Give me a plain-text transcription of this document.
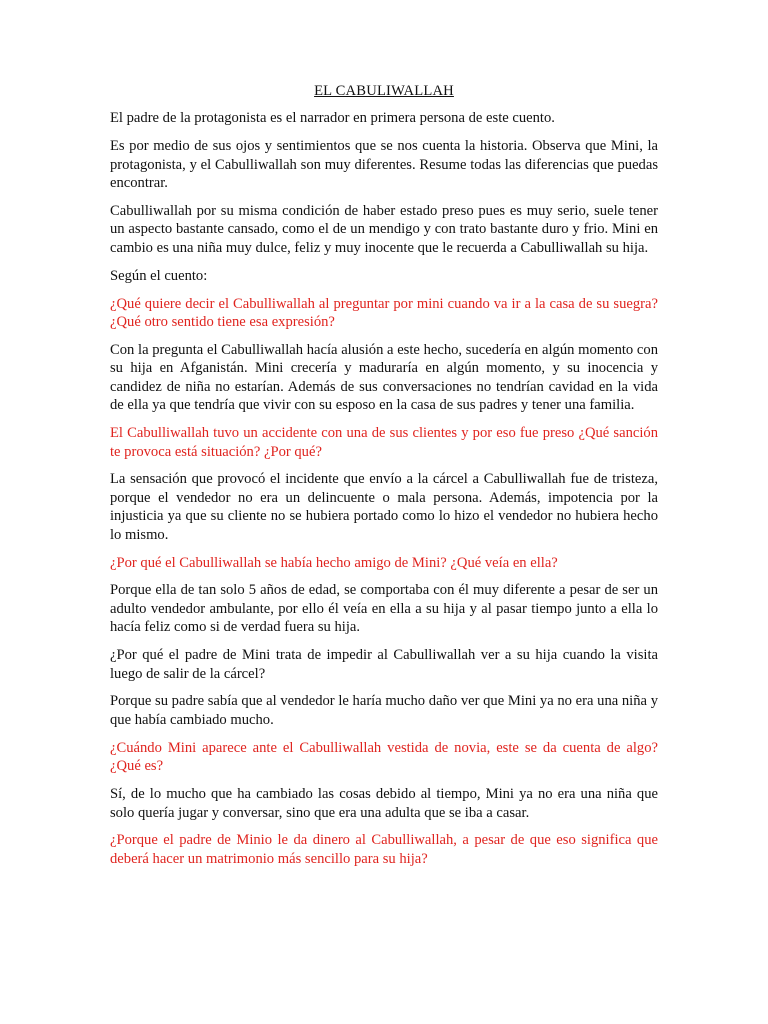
EL CABULIWALLAH

El padre de la protagonista es el narrador en primera persona de este cuento.

Es por medio de sus ojos y sentimientos que se nos cuenta la historia. Observa que Mini, la protagonista, y el Cabulliwallah son muy diferentes. Resume todas las diferencias que puedas encontrar.

Cabulliwallah por su misma condición de haber estado preso pues es muy serio, suele tener un aspecto bastante cansado, como el de un mendigo y con trato bastante duro y frio. Mini en cambio es una niña muy dulce, feliz y muy inocente que le recuerda a Cabulliwallah su hija.

Según el cuento:

¿Qué quiere decir el Cabulliwallah al preguntar por mini cuando va ir a la casa de su suegra? ¿Qué otro sentido tiene esa expresión?

Con la pregunta el Cabulliwallah hacía alusión a este hecho, sucedería en algún momento con su hija en Afganistán. Mini crecería y maduraría en algún momento, y su inocencia y candidez de niña no estarían. Además de sus conversaciones no tendrían cavidad en la vida de ella ya que tendría que vivir con su esposo en la casa de sus padres y tener una familia.

El Cabulliwallah tuvo un accidente con una de sus clientes y por eso fue preso ¿Qué sanción te provoca está situación? ¿Por qué?

La sensación que provocó el incidente que envío a la cárcel a Cabulliwallah fue de tristeza, porque el vendedor no era un delincuente o mala persona. Además, impotencia por la injusticia ya que su cliente no se hubiera portado como lo hizo el vendedor no hubiera hecho lo mismo.

¿Por qué el Cabulliwallah se había hecho amigo de Mini? ¿Qué veía en ella?

Porque ella de tan solo 5 años de edad, se comportaba con él muy diferente a pesar de ser un adulto vendedor ambulante, por ello él veía en ella a su hija y al pasar tiempo junto a ella lo hacía feliz como si de verdad fuera su hija.

¿Por qué el padre de Mini trata de impedir al Cabulliwallah ver a su hija cuando la visita luego de salir de la cárcel?

Porque su padre sabía que al vendedor le haría mucho daño ver que Mini ya no era una niña y que había cambiado mucho.

¿Cuándo Mini aparece ante el Cabulliwallah vestida de novia, este se da cuenta de algo? ¿Qué es?

Sí, de lo mucho que ha cambiado las cosas debido al tiempo, Mini ya no era una niña que solo quería jugar y conversar, sino que era una adulta que se iba a casar.

¿Porque el padre de Minio le da dinero al Cabulliwallah, a pesar de que eso significa que deberá hacer un matrimonio más sencillo para su hija?
